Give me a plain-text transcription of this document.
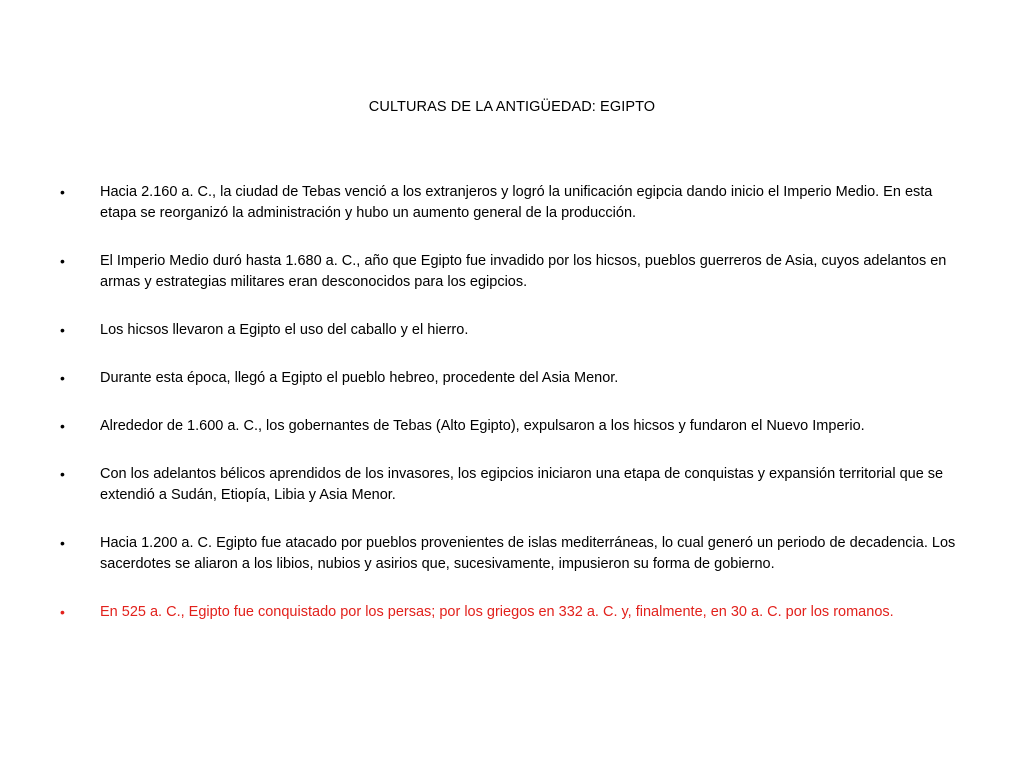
CULTURAS DE LA ANTIGÜEDAD: EGIPTO
•	Hacia 2.160 a. C., la ciudad de Tebas venció a los extranjeros y logró la unificación egipcia dando inicio el Imperio Medio. En esta etapa se reorganizó la administración y hubo un aumento general de la producción.
•	El Imperio Medio duró hasta 1.680 a. C., año que Egipto fue invadido por los hicsos, pueblos guerreros de Asia, cuyos adelantos en armas y estrategias militares eran desconocidos para los egipcios.
•	Los hicsos llevaron a Egipto el uso del caballo y el hierro.
•	Durante esta época, llegó a Egipto el pueblo hebreo, procedente del Asia Menor.
•	Alrededor de 1.600 a. C., los gobernantes de Tebas (Alto Egipto), expulsaron a los hicsos y fundaron el Nuevo Imperio.
•	Con los adelantos bélicos aprendidos de los invasores, los egipcios iniciaron una etapa de conquistas y expansión territorial que se extendió a Sudán, Etiopía, Libia y Asia Menor.
•	Hacia 1.200 a. C. Egipto fue atacado por pueblos provenientes de islas mediterráneas, lo cual generó un periodo de decadencia. Los sacerdotes se aliaron a los libios, nubios y asirios que, sucesivamente, impusieron su forma de gobierno.
•	En 525 a. C., Egipto fue conquistado por los persas; por los griegos en 332 a. C. y, finalmente, en 30 a. C. por los romanos.
